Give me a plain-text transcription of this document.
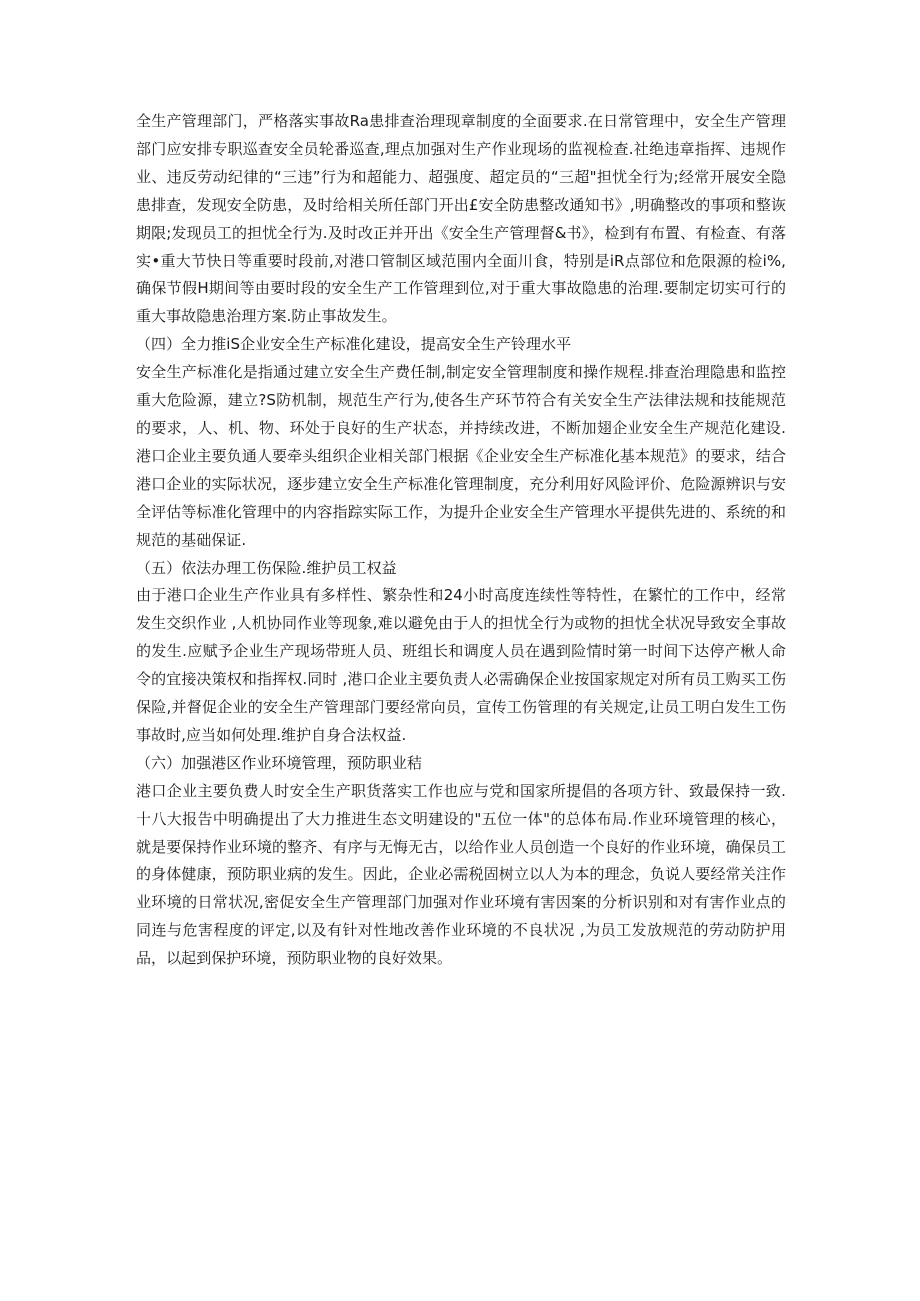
全生产管理部门，严格落实事故Ra患排查治理现章制度的全面要求.在日常管理中，安全生产管理部门应安排专职巡查安全员轮番巡查,理点加强对生产作业现场的监视检查.社绝违章指挥、违规作业、违反劳动纪律的“三违”行为和超能力、超强度、超定员的“三超"担忧全行为;经常开展安全隐患排查，发现安全防患，及时给相关所任部门开出£安全防患整改通知书》,明确整改的事项和整诙期限;发现员工的担忧全行为.及时改正并开出《安全生产管理督&书》，检到有布置、有检查、有落实•重大节快日等重要时段前,对港口管制区域范围内全面川食，特别是iR点部位和危限源的检i%,确保节假H期间等由要时段的安全生产工作管理到位,对于重大事故隐患的治理.要制定切实可行的重大事故隐患治理方案.防止事故发生。

（四）全力推iS企业安全生产标准化建设，提高安全生产铃理水平

安全生产标准化是指通过建立安全生产费任制,制定安全管理制度和操作规程.排查治理隐患和监控重大危险源，建立?S防机制，规范生产行为,使各生产环节符合有关安全生产法律法规和技能规范的要求，人、机、物、环处于良好的生产状态，并持续改进，不断加翅企业安全生产规范化建设.港口企业主要负通人要牵头组织企业相关部门根据《企业安全生产标准化基本规范》的要求，结合港口企业的实际状况，逐步建立安全生产标准化管理制度，充分利用好风险评价、危险源辨识与安全评估等标准化管理中的内容指踪实际工作，为提升企业安全生产管理水平提供先进的、系统的和规范的基础保证.

（五）依法办理工伤保险.维护员工权益

由于港口企业生产作业具有多样性、繁杂性和24小时高度连续性等特性，在繁忙的工作中，经常发生交织作业 ,人机协同作业等现象,难以避免由于人的担忧全行为或物的担忧全状况导致安全事故的发生.应赋予企业生产现场带班人员、班组长和调度人员在遇到险情时第一时间下达停产楸人命令的宜接决策权和指挥权.同时 ,港口企业主要负责人必需确保企业按国家规定对所有员工购买工伤保险,并督促企业的安全生产管理部门要经常向员，宣传工伤管理的有关规定,让员工明白发生工伤事故时,应当如何处理.维护自身合法权益.

（六）加强港区作业环境管理，预防职业秸

港口企业主要负费人时安全生产职货落实工作也应与党和国家所提倡的各项方针、致最保持一致.十八大报告中明确提出了大力推进生态文明建设的"五位一体"的总体布局.作业环境管理的核心，就是要保持作业环境的整齐、有序与无悔无古，以给作业人员创造一个良好的作业环境，确保员工的身体健康，预防职业病的发生。因此，企业必需税固树立以人为本的理念，负说人要经常关注作业环境的日常状况,密促安全生产管理部门加强对作业环境有害因案的分析识别和对有害作业点的同连与危害程度的评定,以及有针对性地改善作业环境的不良状况 ,为员工发放规范的劳动防护用品，以起到保护环境，预防职业物的良好效果。
